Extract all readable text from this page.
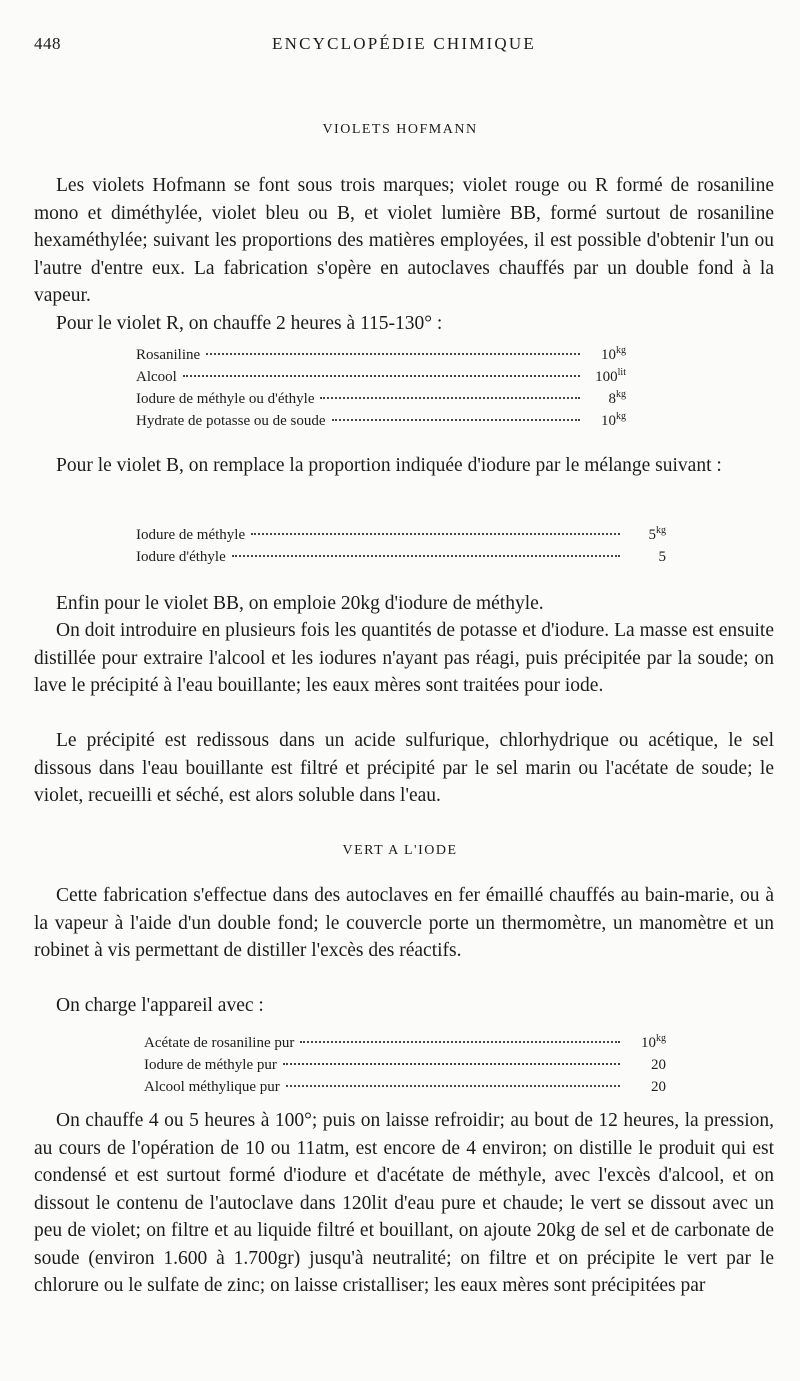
448	ENCYCLOPÉDIE CHIMIQUE
VIOLETS HOFMANN

Les violets Hofmann se font sous trois marques; violet rouge ou R formé de rosaniline mono et diméthylée, violet bleu ou B, et violet lumière BB, formé surtout de rosaniline hexaméthylée; suivant les proportions des matières employées, il est possible d'obtenir l'un ou l'autre d'entre eux. La fabrication s'opère en autoclaves chauffés par un double fond à la vapeur.

Pour le violet R, on chauffe 2 heures à 115-130° :

Rosaniline	$10^{kg}$
Alcool	$100^{lit}$
Iodure de méthyle ou d'éthyle	$8^{kg}$
Hydrate de potasse ou de soude	$10^{kg}$

Pour le violet B, on remplace la proportion indiquée d'iodure par le mélange suivant :

Iodure de méthyle	$5^{kg}$
Iodure d'éthyle	5

Enfin pour le violet BB, on emploie 20kg d'iodure de méthyle.

On doit introduire en plusieurs fois les quantités de potasse et d'iodure. La masse est ensuite distillée pour extraire l'alcool et les iodures n'ayant pas réagi, puis précipitée par la soude; on lave le précipité à l'eau bouillante; les eaux mères sont traitées pour iode.

Le précipité est redissous dans un acide sulfurique, chlorhydrique ou acétique, le sel dissous dans l'eau bouillante est filtré et précipité par le sel marin ou l'acétate de soude; le violet, recueilli et séché, est alors soluble dans l'eau.

VERT A L'IODE

Cette fabrication s'effectue dans des autoclaves en fer émaillé chauffés au bain-marie, ou à la vapeur à l'aide d'un double fond; le couvercle porte un thermomètre, un manomètre et un robinet à vis permettant de distiller l'excès des réactifs.

On charge l'appareil avec :

Acétate de rosaniline pur	$10^{kg}$
Iodure de méthyle pur	20
Alcool méthylique pur	20

On chauffe 4 ou 5 heures à 100°; puis on laisse refroidir; au bout de 12 heures, la pression, au cours de l'opération de 10 ou 11atm, est encore de 4 environ; on distille le produit qui est condensé et est surtout formé d'iodure et d'acétate de méthyle, avec l'excès d'alcool, et on dissout le contenu de l'autoclave dans 120lit d'eau pure et chaude; le vert se dissout avec un peu de violet; on filtre et au liquide filtré et bouillant, on ajoute 20kg de sel et de carbonate de soude (environ 1.600 à 1.700gr) jusqu'à neutralité; on filtre et on précipite le vert par le chlorure ou le sulfate de zinc; on laisse cristalliser; les eaux mères sont précipitées par
